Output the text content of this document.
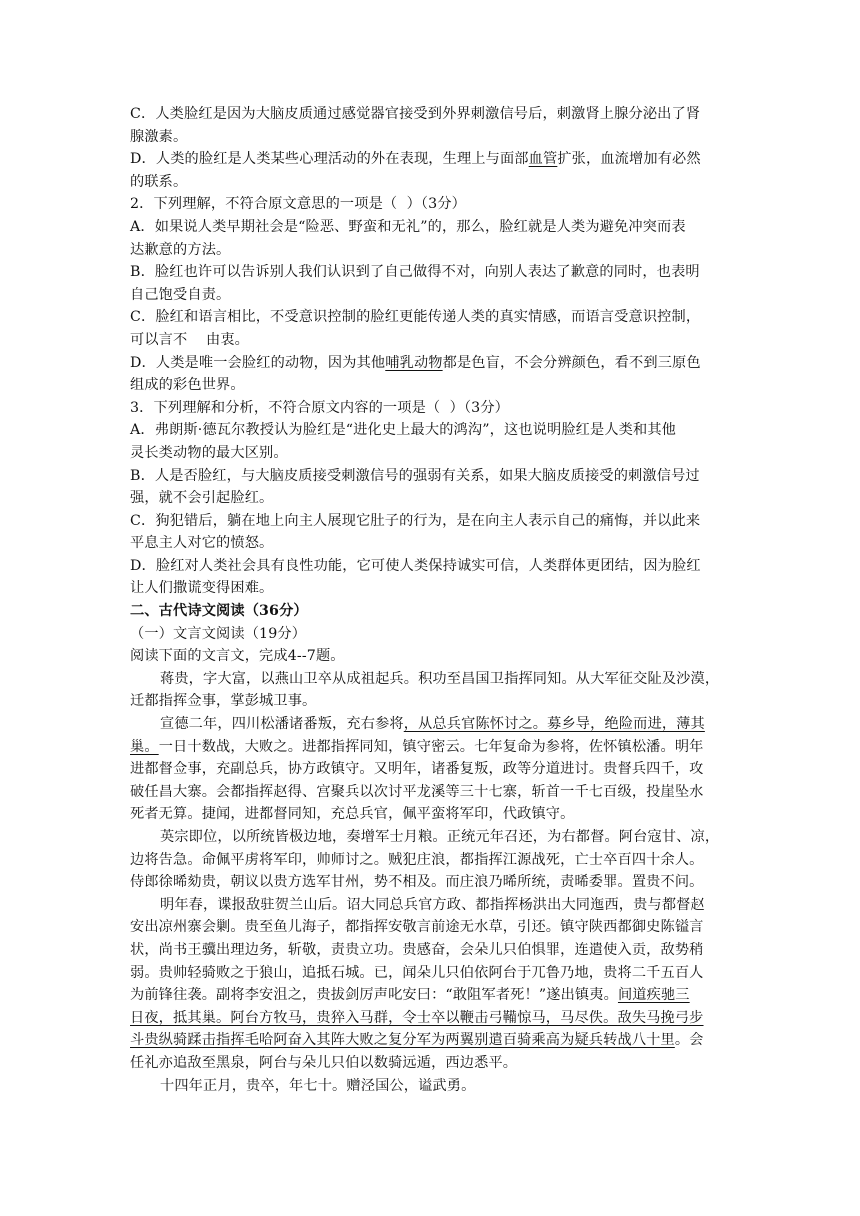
C．人类脸红是因为大脑皮质通过感觉器官接受到外界刺激信号后，刺激肾上腺分泌出了肾
腺激素。
D．人类的脸红是人类某些心理活动的外在表现，生理上与面部血管扩张，血流增加有必然
的联系。
2．下列理解，不符合原文意思的一项是（  ）（3分）
A．如果说人类早期社会是“险恶、野蛮和无礼”的，那么，脸红就是人类为避免冲突而表
达歉意的方法。
B．脸红也许可以告诉别人我们认识到了自己做得不对，向别人表达了歉意的同时，也表明
自己饱受自责。
C．脸红和语言相比，不受意识控制的脸红更能传递人类的真实情感，而语言受意识控制，
可以言不    由衷。
D．人类是唯一会脸红的动物，因为其他哺乳动物都是色盲，不会分辨颜色，看不到三原色
组成的彩色世界。
3．下列理解和分析，不符合原文内容的一项是（  ）（3分）
A．弗朗斯·德瓦尔教授认为脸红是“进化史上最大的鸿沟”，这也说明脸红是人类和其他
灵长类动物的最大区别。
B．人是否脸红，与大脑皮质接受刺激信号的强弱有关系，如果大脑皮质接受的刺激信号过
强，就不会引起脸红。
C．狗犯错后，躺在地上向主人展现它肚子的行为，是在向主人表示自己的痛悔，并以此来
平息主人对它的愤怒。
D．脸红对人类社会具有良性功能，它可使人类保持诚实可信，人类群体更团结，因为脸红
让人们撒谎变得困难。
二、古代诗文阅读（36分）
（一）文言文阅读（19分）
阅读下面的文言文，完成4--7题。
蒋贵，字大富，以燕山卫卒从成祖起兵。积功至昌国卫指挥同知。从大军征交阯及沙漠，
迁都指挥佥事，掌彭城卫事。
宣德二年，四川松潘诸番叛，充右参将，从总兵官陈怀讨之。募乡导，绝险而进，薄其
巢。一日十数战，大败之。进都指挥同知，镇守密云。七年复命为参将，佐怀镇松潘。明年
进都督佥事，充副总兵，协方政镇守。又明年，诸番复叛，政等分道进讨。贵督兵四千，攻
破任昌大寨。会都指挥赵得、宫聚兵以次讨平龙溪等三十七寨，斩首一千七百级，投崖坠水
死者无算。捷闻，进都督同知，充总兵官，佩平蛮将军印，代政镇守。
英宗即位，以所统皆极边地，奏增军士月粮。正统元年召还，为右都督。阿台寇甘、凉，
边将告急。命佩平虏将军印，帅师讨之。贼犯庄浪，都指挥江源战死，亡士卒百四十余人。
侍郎徐晞劾贵，朝议以贵方选军甘州，势不相及。而庄浪乃晞所统，责晞委罪。置贵不问。
明年春，谍报敌驻贺兰山后。诏大同总兵官方政、都指挥杨洪出大同迤西，贵与都督赵
安出凉州寨会剿。贵至鱼儿海子，都指挥安敬言前途无水草，引还。镇守陕西都御史陈镒言
状，尚书王骥出理边务，斩敬，责贵立功。贵感奋，会朵儿只伯惧罪，连遣使入贡，敌势稍
弱。贵帅轻骑败之于狼山，追抵石城。已，闻朵儿只伯依阿台于兀鲁乃地，贵将二千五百人
为前锋往袭。副将李安沮之，贵拔剑厉声叱安曰：“敢阻军者死！”遂出镇夷。间道疾驰三
日夜，抵其巢。阿台方牧马，贵猝入马群，令士卒以鞭击弓鞴惊马，马尽佚。敌失马挽弓步
斗贵纵骑蹂击指挥毛哈阿奋入其阵大败之复分军为两翼别遣百骑乘高为疑兵转战八十里。会
任礼亦追敌至黑泉，阿台与朵儿只伯以数骑远遁，西边悉平。
十四年正月，贵卒，年七十。赠泾国公，谥武勇。
